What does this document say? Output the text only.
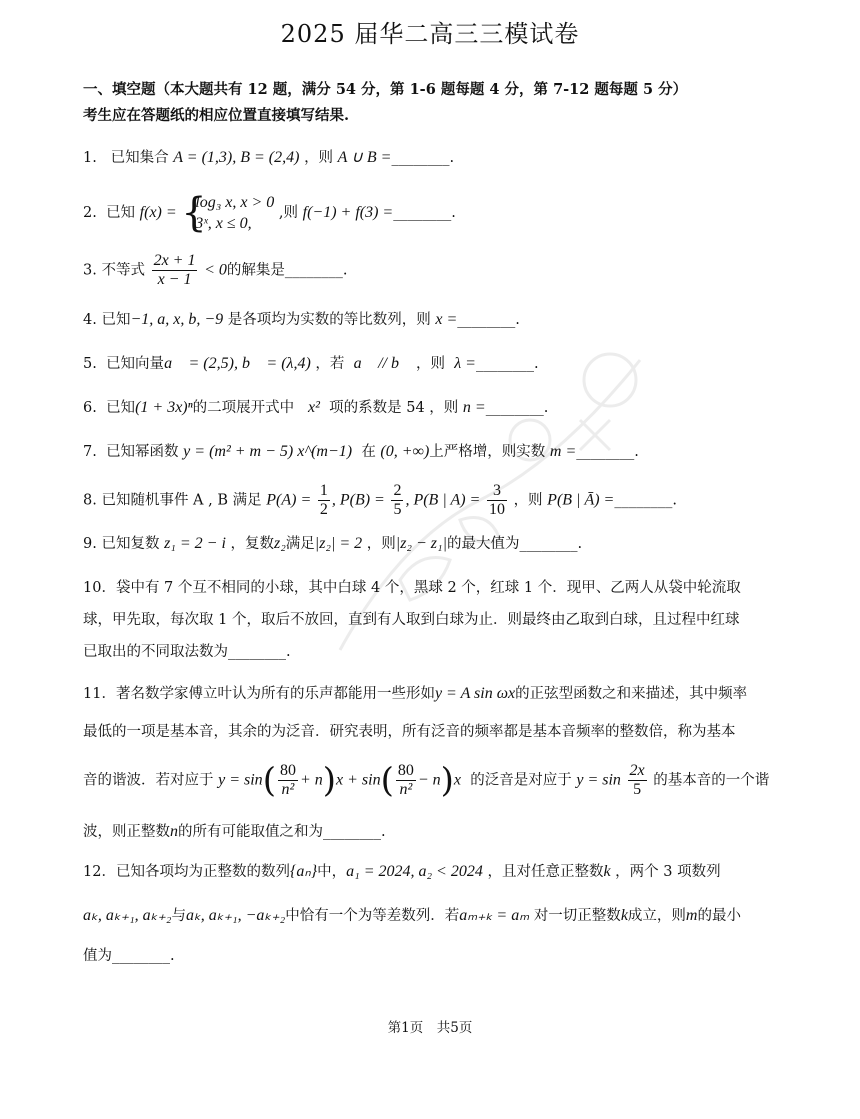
2025 届华二高三三模试卷
一、填空题（本大题共有 12 题，满分 54 分，第 1-6 题每题 4 分，第 7-12 题每题 5 分）
考生应在答题纸的相应位置直接填写结果.
1. 已知集合 A = (1,3), B = (2,4) ，则 A ∪ B =________.
2. 已知 f(x) = {
log₃ x, x > 0
3ˣ, x ≤ 0,
,则 f(−1) + f(3) =________.
3. 不等式 $\frac{2x + 1}{x - 1} < 0$的解集是________.
4. 已知−1, a, x, b, −9 是各项均为实数的等比数列，则 x =________.
5. 已知向量a⃗ = (2,5), b⃗ = (λ,4) ，若 a⃗ // b⃗ ，则 λ =________.
6. 已知(1 + 3x)ⁿ的二项展开式中 x² 项的系数是 54 ，则 n =________.
7. 已知幂函数 y = (m² + m − 5) x^(m−1) 在 (0, +∞)上严格增，则实数 m =________.
8. 已知随机事件 A , B 满足 $P(A) = \frac{1}{2}$ , $P(B) = \frac{2}{5}$ , P(B | $A) = \frac{3}{10}$ ，则 P(B | Ā) =________.
9. 已知复数 z₁ = 2 − i ，复数z₂满足|z₂| = 2 ，则|z₂ − z₁|的最大值为________.
10．袋中有 7 个互不相同的小球，其中白球 4 个，黑球 2 个，红球 1 个．现甲、乙两人从袋中轮流取
球，甲先取，每次取 1 个，取后不放回，直到有人取到白球为止．则最终由乙取到白球，且过程中红球
已取出的不同取法数为________.
11．著名数学家傅立叶认为所有的乐声都能用一些形如y = A sin ωx的正弦型函数之和来描述，其中频率
最低的一项是基本音，其余的为泛音．研究表明，所有泛音的频率都是基本音频率的整数倍，称为基本
音的谐波．若对应于 $y = \sin( \frac{80}{\text{n²}} + n)x + \sin( \frac{80}{\text{n²}} - n)x$ 的泛音是对应于 $y = \sin \frac{2x}{5}$ 的基本音的一个谐
波，则正整数n的所有可能取值之和为________.
12．已知各项均为正整数的数列{aₙ}中，a₁ = 2024, a₂ < 2024 ，且对任意正整数k ，两个 3 项数列
aₖ, aₖ₊₁, aₖ₊₂与aₖ, aₖ₊₁, −aₖ₊₂中恰有一个为等差数列．若aₘ₊ₖ = aₘ 对一切正整数k成立，则m的最小
值为________.
第1页　共5页
